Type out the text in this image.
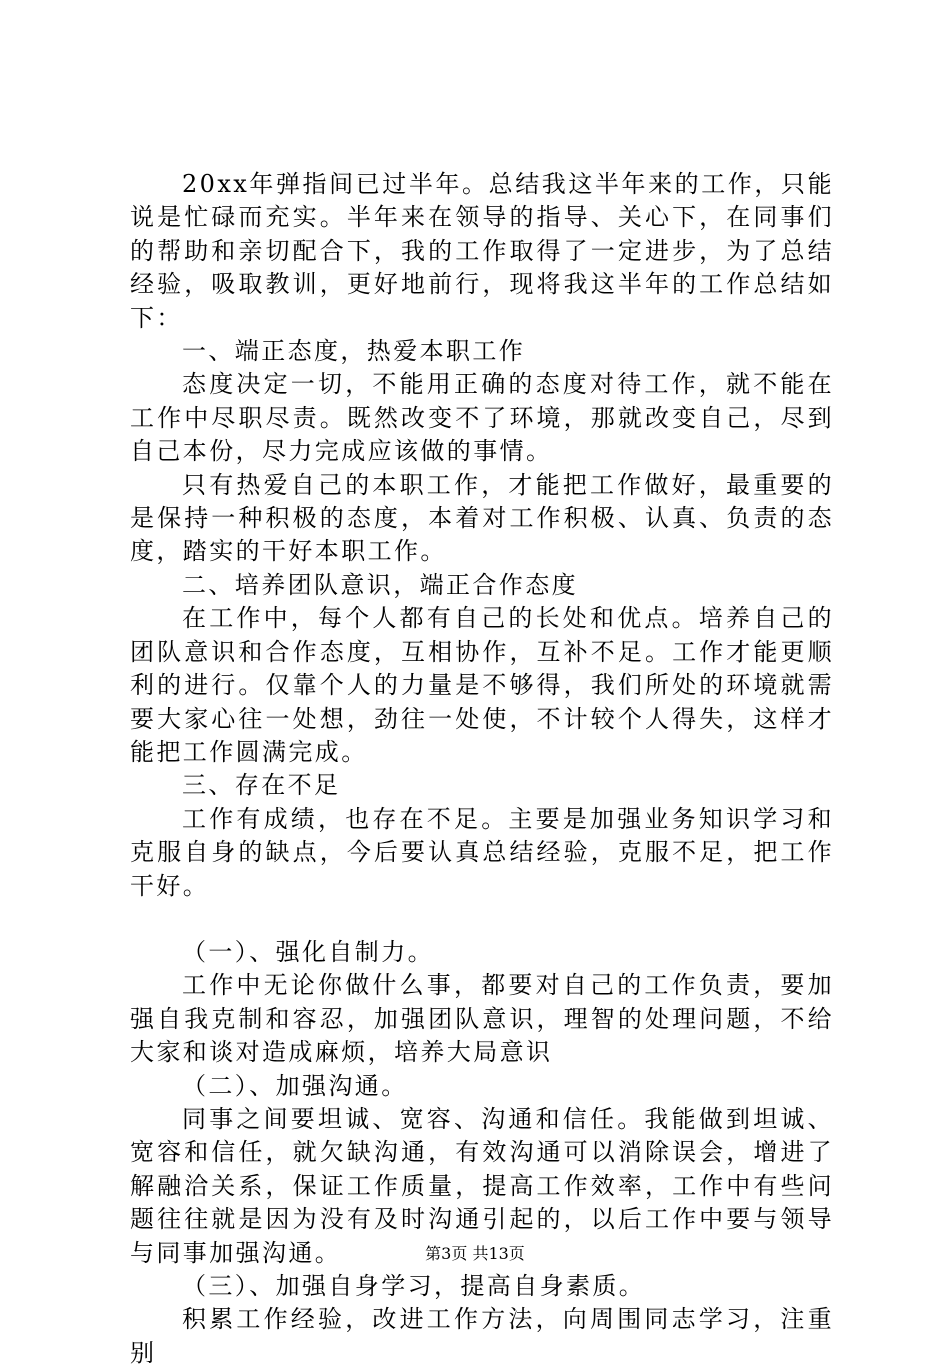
20xx年弹指间已过半年。总结我这半年来的工作，只能说是忙碌而充实。半年来在领导的指导、关心下，在同事们的帮助和亲切配合下，我的工作取得了一定进步，为了总结经验，吸取教训，更好地前行，现将我这半年的工作总结如下：

一、端正态度，热爱本职工作

态度决定一切，不能用正确的态度对待工作，就不能在工作中尽职尽责。既然改变不了环境，那就改变自己，尽到自己本份，尽力完成应该做的事情。

只有热爱自己的本职工作，才能把工作做好，最重要的是保持一种积极的态度，本着对工作积极、认真、负责的态度，踏实的干好本职工作。

二、培养团队意识，端正合作态度

在工作中，每个人都有自己的长处和优点。培养自己的团队意识和合作态度，互相协作，互补不足。工作才能更顺利的进行。仅靠个人的力量是不够得，我们所处的环境就需要大家心往一处想，劲往一处使，不计较个人得失，这样才能把工作圆满完成。

三、存在不足

工作有成绩，也存在不足。主要是加强业务知识学习和克服自身的缺点，今后要认真总结经验，克服不足，把工作干好。

（一）、强化自制力。

工作中无论你做什么事，都要对自己的工作负责，要加强自我克制和容忍，加强团队意识，理智的处理问题，不给大家和谈对造成麻烦，培养大局意识

（二）、加强沟通。

同事之间要坦诚、宽容、沟通和信任。我能做到坦诚、宽容和信任，就欠缺沟通，有效沟通可以消除误会，增进了解融洽关系，保证工作质量，提高工作效率，工作中有些问题往往就是因为没有及时沟通引起的，以后工作中要与领导与同事加强沟通。

（三）、加强自身学习，提高自身素质。

积累工作经验，改进工作方法，向周围同志学习，注重别

第3页 共13页
